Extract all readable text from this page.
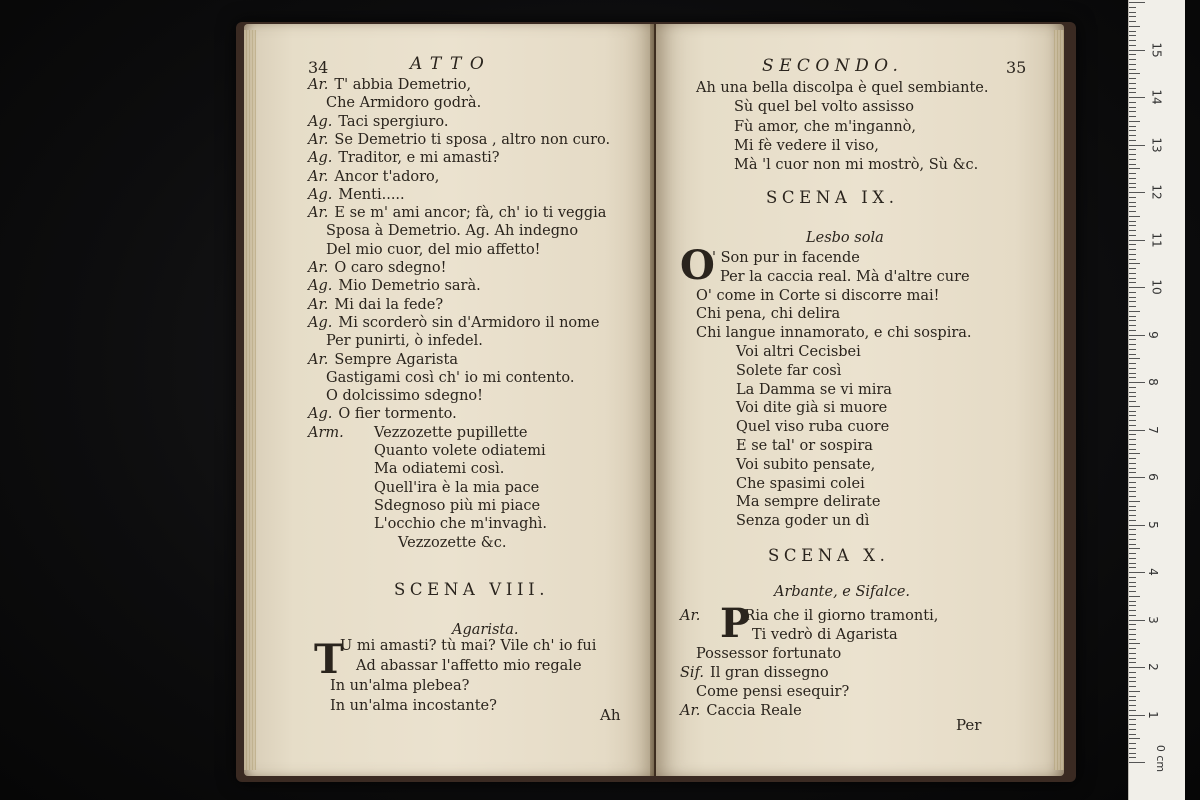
34	ATTO
Ar. T' abbia Demetrio,
Che Armidoro godrà.
Ag. Taci spergiuro.
Ar. Se Demetrio ti sposa , altro non curo.
Ag. Traditor, e mi amasti?
Ar. Ancor t'adoro,
Ag. Menti.....
Ar. E se m' ami ancor; fà, ch' io ti veggia
Sposa à Demetrio. Ag. Ah indegno
Del mio cuor, del mio affetto!
Ar. O caro sdegno!
Ag. Mio Demetrio sarà.
Ar. Mi dai la fede?
Ag. Mi scorderò sin d'Armidoro il nome
Per punirti, ò infedel.
Ar. Sempre Agarista
Gastigami così ch' io mi contento.
O dolcissimo sdegno!
Ag. O fier tormento.
Arm. Vezzozette pupillette
Quanto volete odiatemi
Ma odiatemi così.
Quell'ira è la mia pace
Sdegnoso più mi piace
L'occhio che m'invaghì.
Vezzozette &c.
SCENA VIII.
Agarista.
T
U mi amasti? tù mai? Vile ch' io fui
Ad abassar l'affetto mio regale
In un'alma plebea?
In un'alma incostante?	Ah
SECONDO.	35
Ah una bella discolpa è quel sembiante.
Sù quel bel volto assisso
Fù amor, che m'ingannò,
Mi fè vedere il viso,
Mà 'l cuor non mi mostrò, Sù &c.
SCENA IX.
Lesbo sola
O
' Son pur in facende
Per la caccia real. Mà d'altre cure
O' come in Corte si discorre mai!
Chi pena, chi delira
Chi langue innamorato, e chi sospira.
Voi altri Cecisbei
Solete far così
La Damma se vi mira
Voi dite già si muore
Quel viso ruba cuore
E se tal' or sospira
Voi subito pensate,
Che spasimi colei
Ma sempre delirate
Senza goder un dì
SCENA X.
Arbante, e Sifalce.
P
Ar.	Ria che il giorno tramonti,
Ti vedrò di Agarista
Possessor fortunato
Sif. Il gran dissegno
Come pensi esequir?
Ar. Caccia Reale
Per
0 cm
1
2
3
4
5
6
7
8
9
10
11
12
13
14
15
